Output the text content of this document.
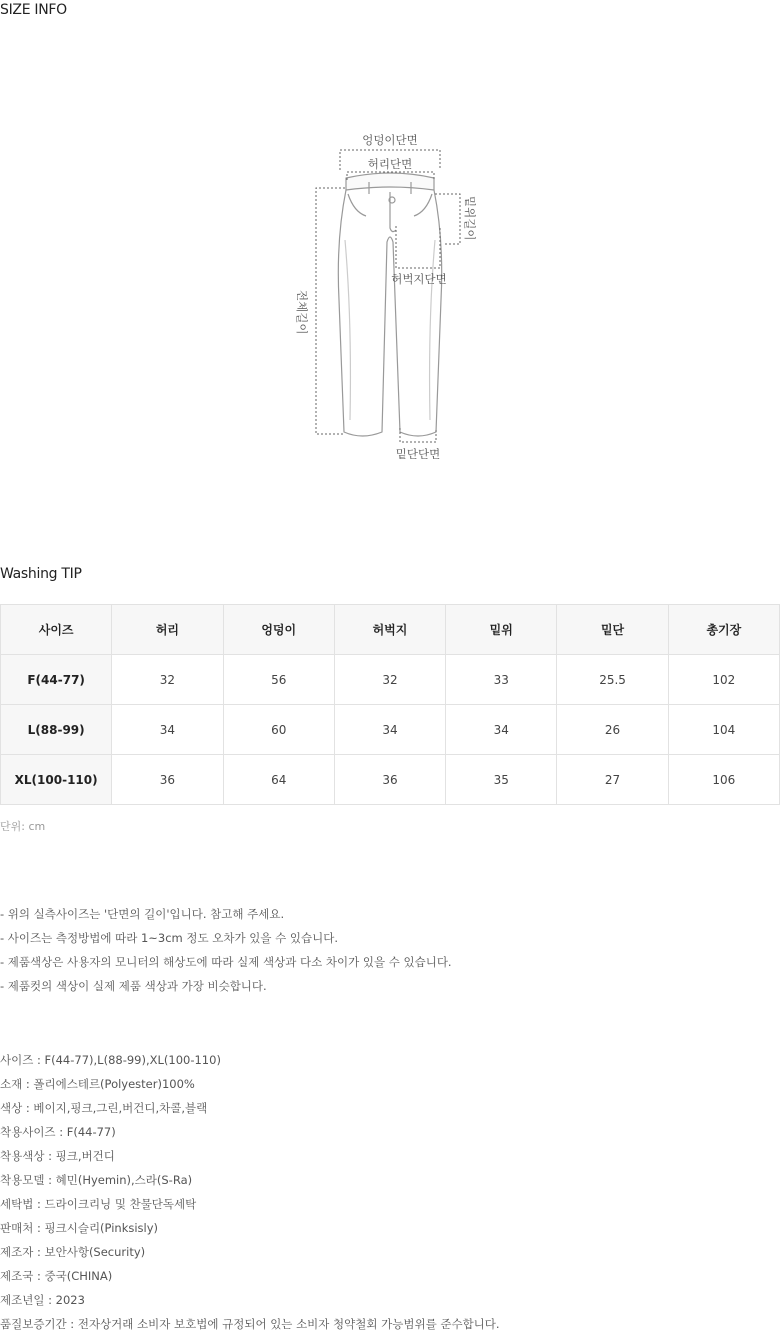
SIZE INFO
엉덩이단면
허리단면
밑위길이
허벅지단면
전체길이
밑단단면
Washing TIP
사이즈	허리	엉덩이	허벅지	밑위	밑단	총기장
F(44-77)	32	56	32	33	25.5	102
L(88-99)	34	60	34	34	26	104
XL(100-110)	36	64	36	35	27	106
단위: cm
- 위의 실측사이즈는 '단면의 길이'입니다. 참고해 주세요.
- 사이즈는 측정방법에 따라 1~3cm 정도 오차가 있을 수 있습니다.
- 제품색상은 사용자의 모니터의 해상도에 따라 실제 색상과 다소 차이가 있을 수 있습니다.
- 제품컷의 색상이 실제 제품 색상과 가장 비슷합니다.
사이즈 : F(44-77),L(88-99),XL(100-110)
소재 : 폴리에스테르(Polyester)100%
색상 : 베이지,핑크,그린,버건디,차콜,블랙
착용사이즈 : F(44-77)
착용색상 : 핑크,버건디
착용모델 : 혜민(Hyemin),스라(S-Ra)
세탁법 : 드라이크리닝 및 찬물단독세탁
판매처 : 핑크시슬리(Pinksisly)
제조자 : 보안사항(Security)
제조국 : 중국(CHINA)
제조년일 : 2023
품질보증기간 : 전자상거래 소비자 보호법에 규정되어 있는 소비자 청약철회 가능범위를 준수합니다.
